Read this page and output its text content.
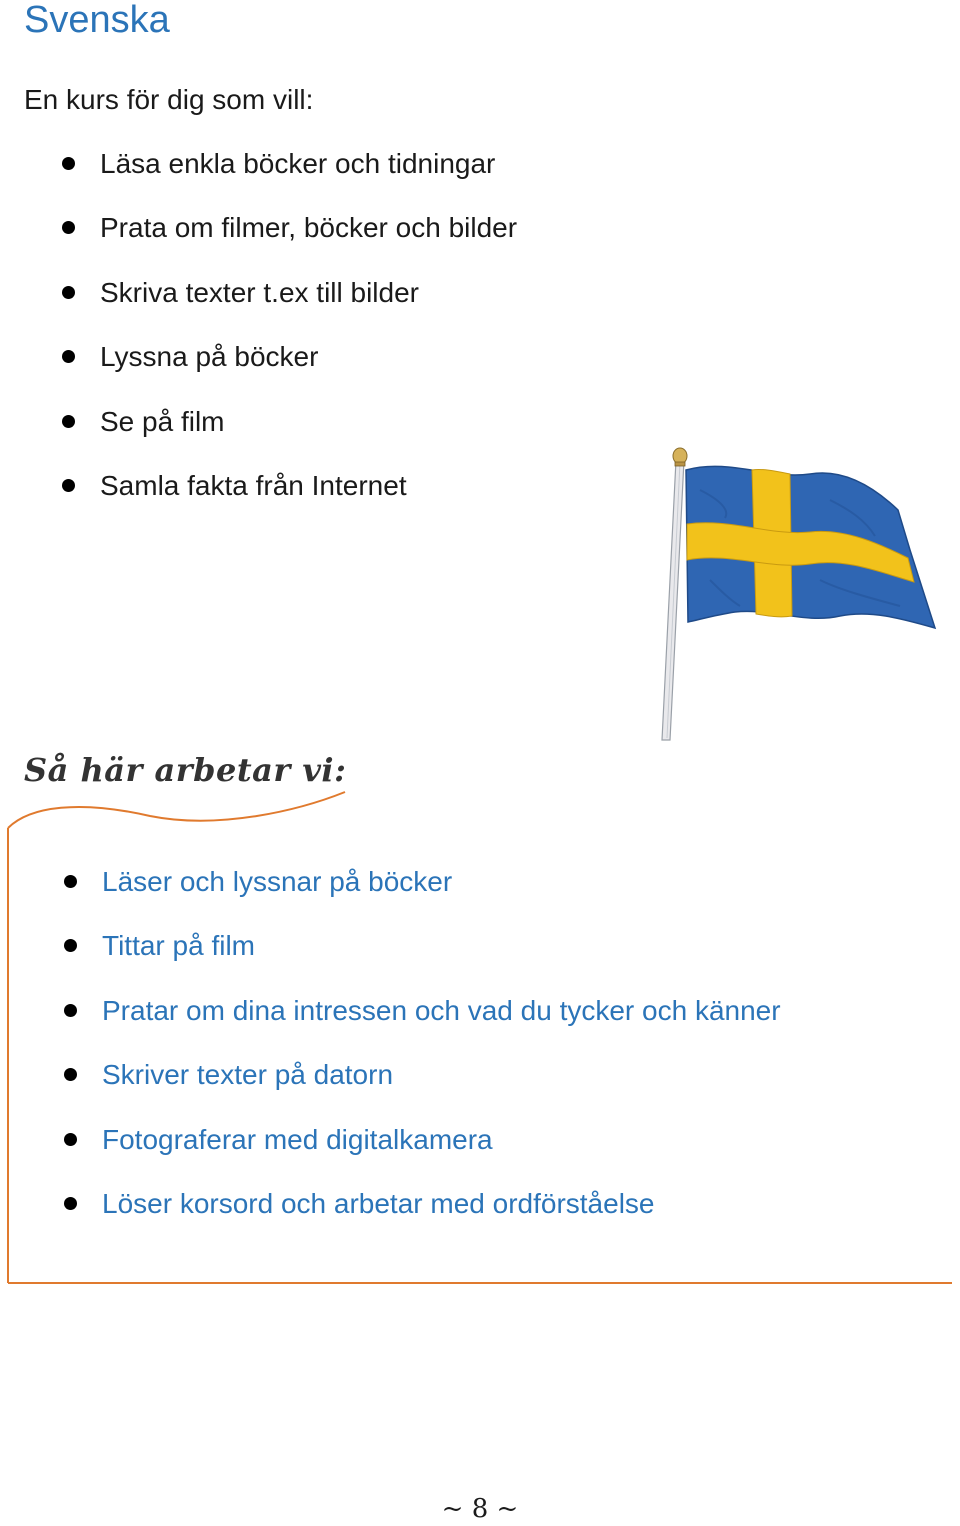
Svenska

En kurs för dig som vill:

Läsa enkla böcker och tidningar
Prata om filmer, böcker och bilder
Skriva texter t.ex till bilder
Lyssna på böcker
Se på film
Samla fakta från Internet
Så här arbetar vi:
Läser och lyssnar på böcker
Tittar på film
Pratar om dina intressen och vad du tycker och känner
Skriver texter på datorn
Fotograferar med digitalkamera
Löser korsord och arbetar med ordförståelse
~ 8 ~
